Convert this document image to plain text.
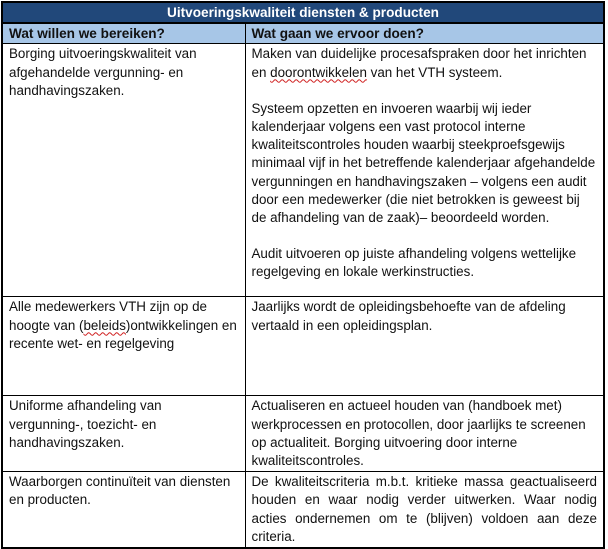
Uitvoeringskwaliteit diensten & producten	
Wat willen we bereiken?	Wat gaan we ervoor doen?
Borging uitvoeringskwaliteit van afgehandelde vergunning- en handhavingszaken.	Maken van duidelijke procesafspraken door het inrichten en doorontwikkelen van het VTH systeem.

Systeem opzetten en invoeren waarbij wij ieder kalenderjaar volgens een vast protocol interne kwaliteitscontroles houden waarbij steekproefsgewijs minimaal vijf in het betreffende kalenderjaar afgehandelde vergunningen en handhavingszaken – volgens een audit door een medewerker (die niet betrokken is geweest bij de afhandeling van de zaak)– beoordeeld worden.

Audit uitvoeren op juiste afhandeling volgens wettelijke regelgeving en lokale werkinstructies.

Alle medewerkers VTH zijn op de hoogte van (beleids)ontwikkelingen en recente wet- en regelgeving	Jaarlijks wordt de opleidingsbehoefte van de afdeling vertaald in een opleidingsplan.
Uniforme afhandeling van vergunning-, toezicht- en handhavingszaken.	Actualiseren en actueel houden van (handboek met) werkprocessen en protocollen, door jaarlijks te screenen op actualiteit. Borging uitvoering door interne kwaliteitscontroles.
Waarborgen continuïteit van diensten en producten.	De kwaliteitscriteria m.b.t. kritieke massa geactualiseerd houden en waar nodig verder uitwerken. Waar nodig acties ondernemen om te (blijven) voldoen aan deze criteria.
